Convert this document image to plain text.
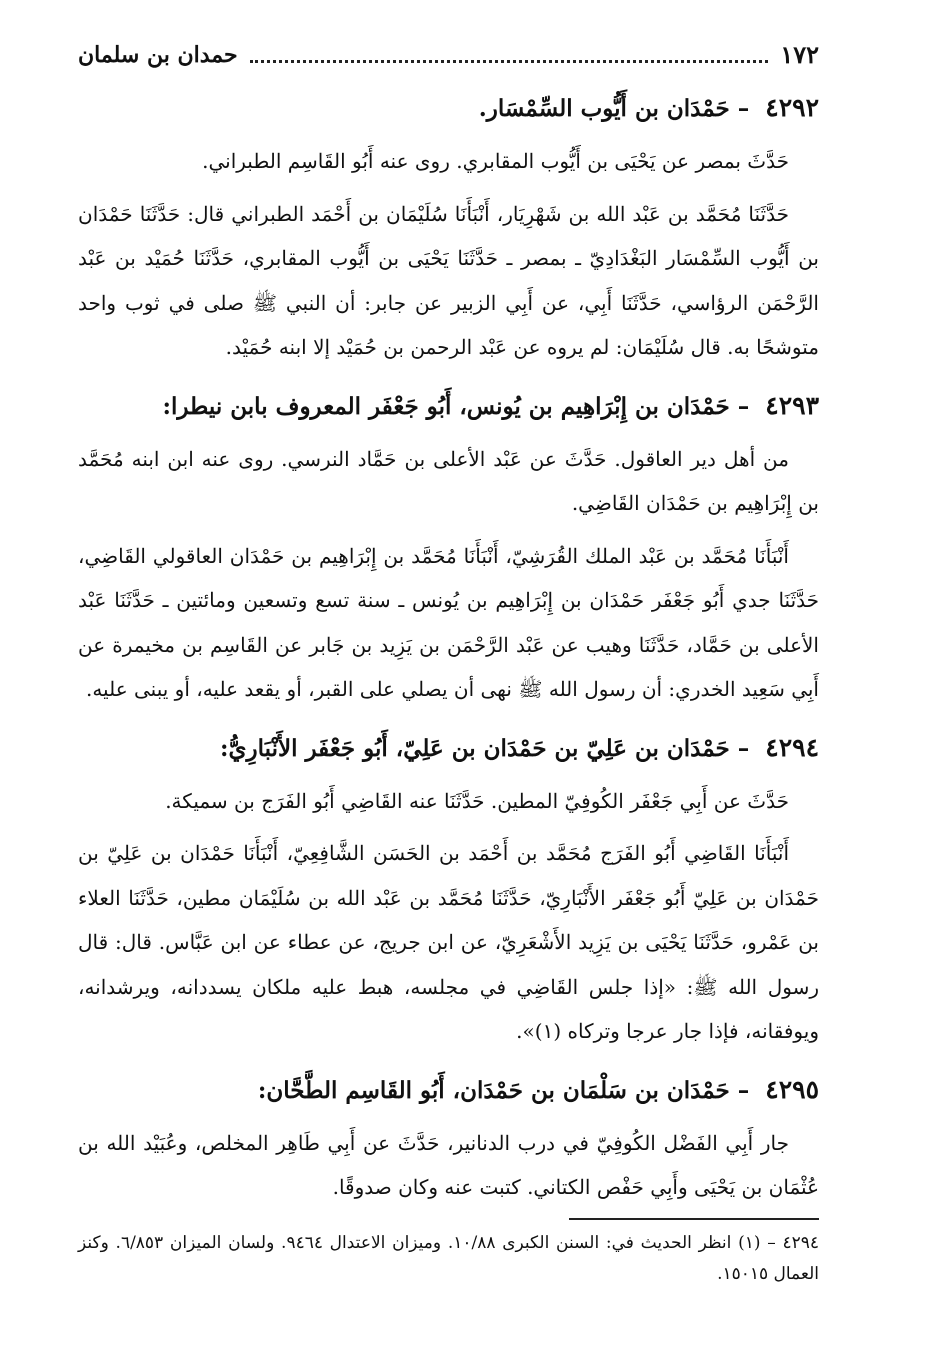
١٧٢
حمدان بن سلمان
٤٢٩٢ – حَمْدَان بن أَيُّوب السِّمْسَار.

حَدَّثَ بمصر عن يَحْيَى بن أَيُّوب المقابري. روى عنه أَبُو القَاسِم الطبراني.

حَدَّثَنَا مُحَمَّد بن عَبْد الله بن شَهْرِيَار، أَنْبَأَنَا سُلَيْمَان بن أَحْمَد الطبراني قال: حَدَّثَنَا حَمْدَان بن أَيُّوب السِّمْسَار البَغْدَادِيّ ـ بمصر ـ حَدَّثَنَا يَحْيَى بن أَيُّوب المقابري، حَدَّثَنَا حُمَيْد بن عَبْد الرَّحْمَن الرؤاسي، حَدَّثَنَا أَبِي، عن أَبِي الزبير عن جابر: أن النبي ﷺ صلى في ثوب واحد متوشحًا به. قال سُلَيْمَان: لم يروه عن عَبْد الرحمن بن حُمَيْد إلا ابنه حُمَيْد.

٤٢٩٣ – حَمْدَان بن إِبْرَاهِيم بن يُونس، أَبُو جَعْفَر المعروف بابن نيطرا:

من أهل دير العاقول. حَدَّثَ عن عَبْد الأعلى بن حَمَّاد النرسي. روى عنه ابن ابنه مُحَمَّد بن إِبْرَاهِيم بن حَمْدَان القَاضِي.

أَنْبَأَنَا مُحَمَّد بن عَبْد الملك القُرَشِيّ، أَنْبَأَنَا مُحَمَّد بن إِبْرَاهِيم بن حَمْدَان العاقولي القَاضِي، حَدَّثَنَا جدي أَبُو جَعْفَر حَمْدَان بن إِبْرَاهِيم بن يُونس ـ سنة تسع وتسعين ومائتين ـ حَدَّثَنَا عَبْد الأعلى بن حَمَّاد، حَدَّثَنَا وهيب عن عَبْد الرَّحْمَن بن يَزِيد بن جَابر عن القَاسِم بن مخيمرة عن أَبِي سَعِيد الخدري: أن رسول الله ﷺ نهى أن يصلي على القبر، أو يقعد عليه، أو يبنى عليه.

٤٢٩٤ – حَمْدَان بن عَلِيّ بن حَمْدَان بن عَلِيّ، أَبُو جَعْفَر الأَنْبَارِيُّ:

حَدَّثَ عن أَبِي جَعْفَر الكُوفِيّ المطين. حَدَّثَنَا عنه القَاضِي أَبُو الفَرَج بن سميكة.

أَنْبَأَنَا القَاضِي أَبُو الفَرَج مُحَمَّد بن أَحْمَد بن الحَسَن الشَّافِعِيّ، أَنْبَأَنَا حَمْدَان بن عَلِيّ بن حَمْدَان بن عَلِيّ أَبُو جَعْفَر الأَنْبَارِيّ، حَدَّثَنَا مُحَمَّد بن عَبْد الله بن سُلَيْمَان مطين، حَدَّثَنَا العلاء بن عَمْرو، حَدَّثَنَا يَحْيَى بن يَزِيد الأَشْعَرِيّ، عن ابن جريج، عن عطاء عن ابن عَبَّاس. قال: قال رسول الله ﷺ: «إذا جلس القَاضِي في مجلسه، هبط عليه ملكان يسددانه، ويرشدانه، ويوفقانه، فإذا جار عرجا وتركاه (١)».

٤٢٩٥ – حَمْدَان بن سَلْمَان بن حَمْدَان، أَبُو القَاسِم الطَّحَّان:

جار أَبِي الفَضْل الكُوفِيّ في درب الدنانير، حَدَّثَ عن أَبِي طَاهِر المخلص، وعُبَيْد الله بن عُثْمَان بن يَحْيَى وأَبِي حَفْص الكتاني. كتبت عنه وكان صدوقًا.

٤٢٩٤ – (١) انظر الحديث في: السنن الكبرى ١٠/٨٨. وميزان الاعتدال ٩٤٦٤. ولسان الميزان ٦/٨٥٣. وكنز العمال ١٥٠١٥.
